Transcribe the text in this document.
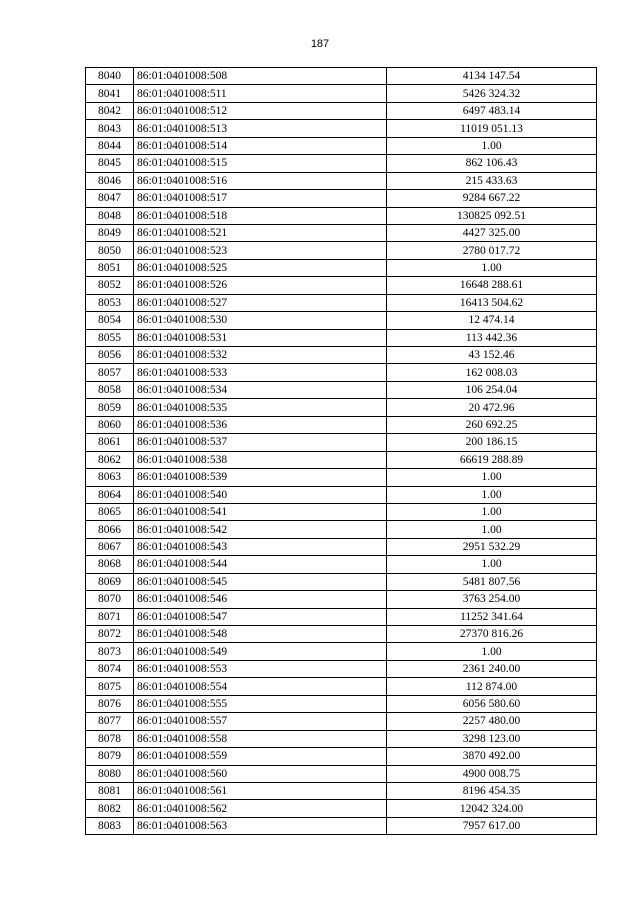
187
8040	86:01:0401008:508	4134 147.54
8041	86:01:0401008:511	5426 324.32
8042	86:01:0401008:512	6497 483.14
8043	86:01:0401008:513	11019 051.13
8044	86:01:0401008:514	1.00
8045	86:01:0401008:515	862 106.43
8046	86:01:0401008:516	215 433.63
8047	86:01:0401008:517	9284 667.22
8048	86:01:0401008:518	130825 092.51
8049	86:01:0401008:521	4427 325.00
8050	86:01:0401008:523	2780 017.72
8051	86:01:0401008:525	1.00
8052	86:01:0401008:526	16648 288.61
8053	86:01:0401008:527	16413 504.62
8054	86:01:0401008:530	12 474.14
8055	86:01:0401008:531	113 442.36
8056	86:01:0401008:532	43 152.46
8057	86:01:0401008:533	162 008.03
8058	86:01:0401008:534	106 254.04
8059	86:01:0401008:535	20 472.96
8060	86:01:0401008:536	260 692.25
8061	86:01:0401008:537	200 186.15
8062	86:01:0401008:538	66619 288.89
8063	86:01:0401008:539	1.00
8064	86:01:0401008:540	1.00
8065	86:01:0401008:541	1.00
8066	86:01:0401008:542	1.00
8067	86:01:0401008:543	2951 532.29
8068	86:01:0401008:544	1.00
8069	86:01:0401008:545	5481 807.56
8070	86:01:0401008:546	3763 254.00
8071	86:01:0401008:547	11252 341.64
8072	86:01:0401008:548	27370 816.26
8073	86:01:0401008:549	1.00
8074	86:01:0401008:553	2361 240.00
8075	86:01:0401008:554	112 874.00
8076	86:01:0401008:555	6056 580.60
8077	86:01:0401008:557	2257 480.00
8078	86:01:0401008:558	3298 123.00
8079	86:01:0401008:559	3870 492.00
8080	86:01:0401008:560	4900 008.75
8081	86:01:0401008:561	8196 454.35
8082	86:01:0401008:562	12042 324.00
8083	86:01:0401008:563	7957 617.00
